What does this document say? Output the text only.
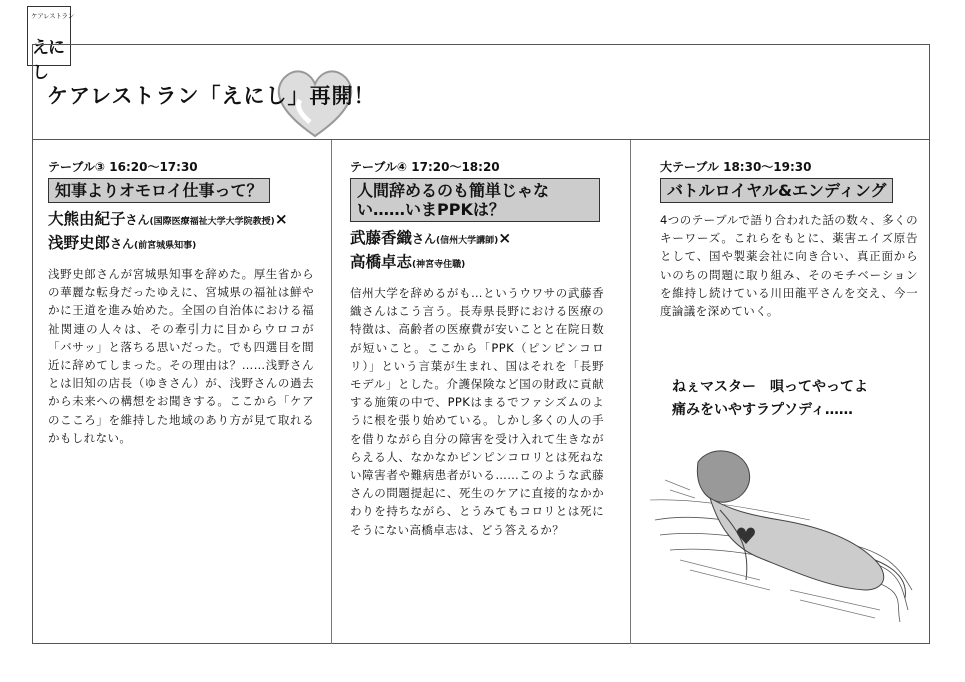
ケアレストラン
えにし
ケアレストラン「えにし」再開！
テーブル③ 16:20〜17:30
知事よりオモロイ仕事って？
大熊由紀子さん(国際医療福祉大学大学院教授)×
浅野史郎さん(前宮城県知事)
浅野史郎さんが宮城県知事を辞めた。厚生省からの華麗な転身だったゆえに、宮城県の福祉は鮮やかに王道を進み始めた。全国の自治体における福祉関連の人々は、その牽引力に目からウロコが「バサッ」と落ちる思いだった。でも四選目を間近に辞めてしまった。その理由は？……浅野さんとは旧知の店長（ゆきさん）が、浅野さんの過去から未来への構想をお聞きする。ここから「ケアのこころ」を維持した地域のあり方が見て取れるかもしれない。
テーブル④ 17:20〜18:20
人間辞めるのも簡単じゃない……いまPPKは？
武藤香織さん(信州大学講師)×
高橋卓志(神宮寺住職)
信州大学を辞めるがも…というウワサの武藤香織さんはこう言う。長寿県長野における医療の特徴は、高齢者の医療費が安いことと在院日数が短いこと。ここから「PPK（ピンピンコロリ）」という言葉が生まれ、国はそれを「長野モデル」とした。介護保険など国の財政に貢献する施策の中で、PPKはまるでファシズムのように根を張り始めている。しかし多くの人の手を借りながら自分の障害を受け入れて生きながらえる人、なかなかピンピンコロリとは死ねない障害者や難病患者がいる……このような武藤さんの問題提起に、死生のケアに直接的なかかわりを持ちながら、とうみてもコロリとは死にそうにない高橋卓志は、どう答えるか？
大テーブル 18:30〜19:30
バトルロイヤル&エンディング
4つのテーブルで語り合われた話の数々、多くのキーワーズ。これらをもとに、薬害エイズ原告として、国や製薬会社に向き合い、真正面からいのちの問題に取り組み、そのモチベーションを維持し続けている川田龍平さんを交え、今一度論議を深めていく。
ねぇマスター　唄ってやってよ
痛みをいやすラプソディ……
